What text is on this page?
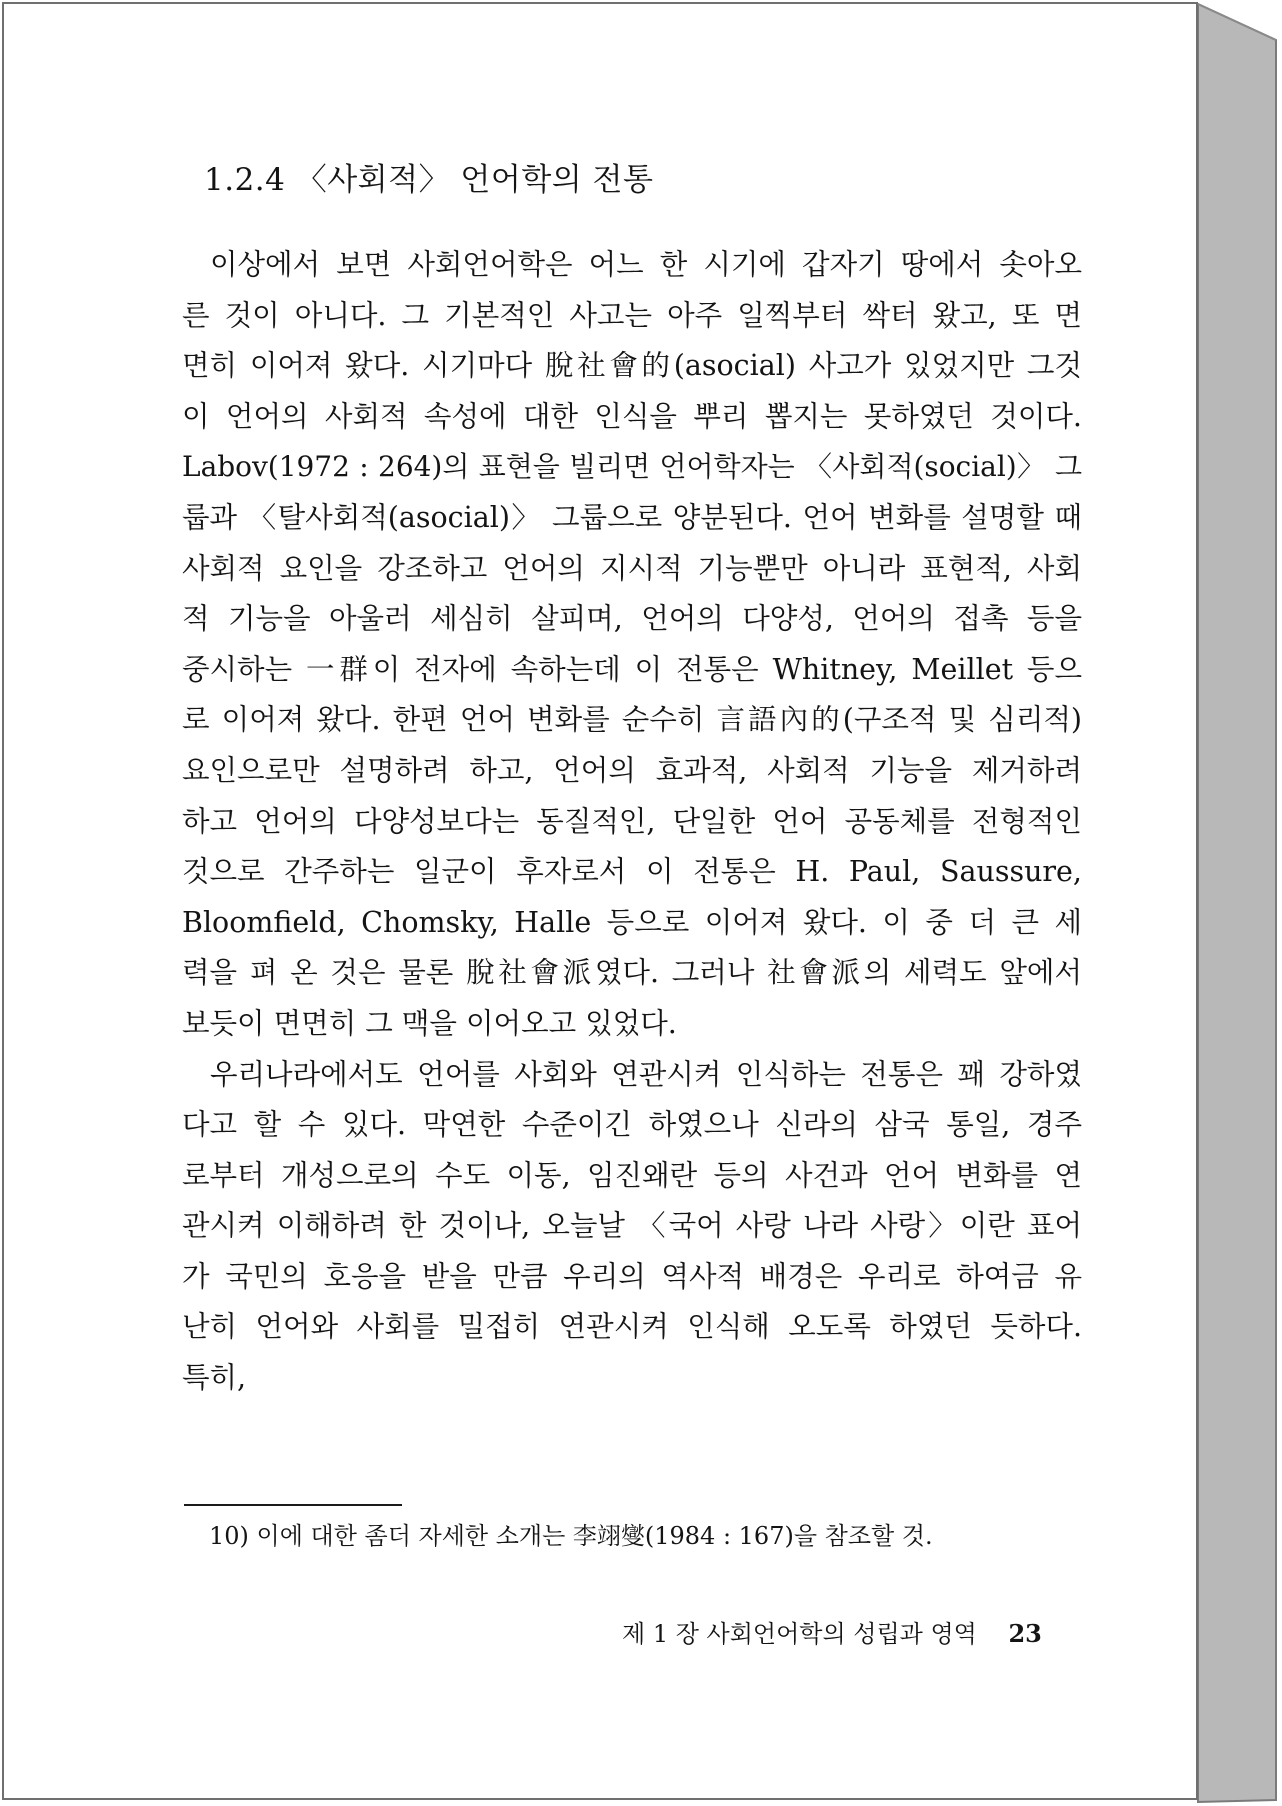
1.2.4 〈사회적〉 언어학의 전통
이상에서 보면 사회언어학은 어느 한 시기에 갑자기 땅에서 솟아오
른 것이 아니다. 그 기본적인 사고는 아주 일찍부터 싹터 왔고, 또 면
면히 이어져 왔다. 시기마다 脫社會的(asocial) 사고가 있었지만 그것
이 언어의 사회적 속성에 대한 인식을 뿌리 뽑지는 못하였던 것이다.
Labov(1972 : 264)의 표현을 빌리면 언어학자는 〈사회적(social)〉 그
룹과 〈탈사회적(asocial)〉 그룹으로 양분된다. 언어 변화를 설명할 때
사회적 요인을 강조하고 언어의 지시적 기능뿐만 아니라 표현적, 사회
적 기능을 아울러 세심히 살피며, 언어의 다양성, 언어의 접촉 등을
중시하는 一群이 전자에 속하는데 이 전통은 Whitney, Meillet 등으
로 이어져 왔다. 한편 언어 변화를 순수히 言語內的(구조적 및 심리적)
요인으로만 설명하려 하고, 언어의 효과적, 사회적 기능을 제거하려
하고 언어의 다양성보다는 동질적인, 단일한 언어 공동체를 전형적인
것으로 간주하는 일군이 후자로서 이 전통은 H. Paul, Saussure,
Bloomfield, Chomsky, Halle 등으로 이어져 왔다. 이 중 더 큰 세
력을 펴 온 것은 물론 脫社會派였다. 그러나 社會派의 세력도 앞에서
보듯이 면면히 그 맥을 이어오고 있었다.
우리나라에서도 언어를 사회와 연관시켜 인식하는 전통은 꽤 강하였
다고 할 수 있다. 막연한 수준이긴 하였으나 신라의 삼국 통일, 경주
로부터 개성으로의 수도 이동, 임진왜란 등의 사건과 언어 변화를 연
관시켜 이해하려 한 것이나, 오늘날 〈국어 사랑 나라 사랑〉이란 표어
가 국민의 호응을 받을 만큼 우리의 역사적 배경은 우리로 하여금 유
난히 언어와 사회를 밀접히 연관시켜 인식해 오도록 하였던 듯하다.
특히,
10) 이에 대한 좀더 자세한 소개는 李翊燮(1984 : 167)을 참조할 것.
제 1 장 사회언어학의 성립과 영역 23
